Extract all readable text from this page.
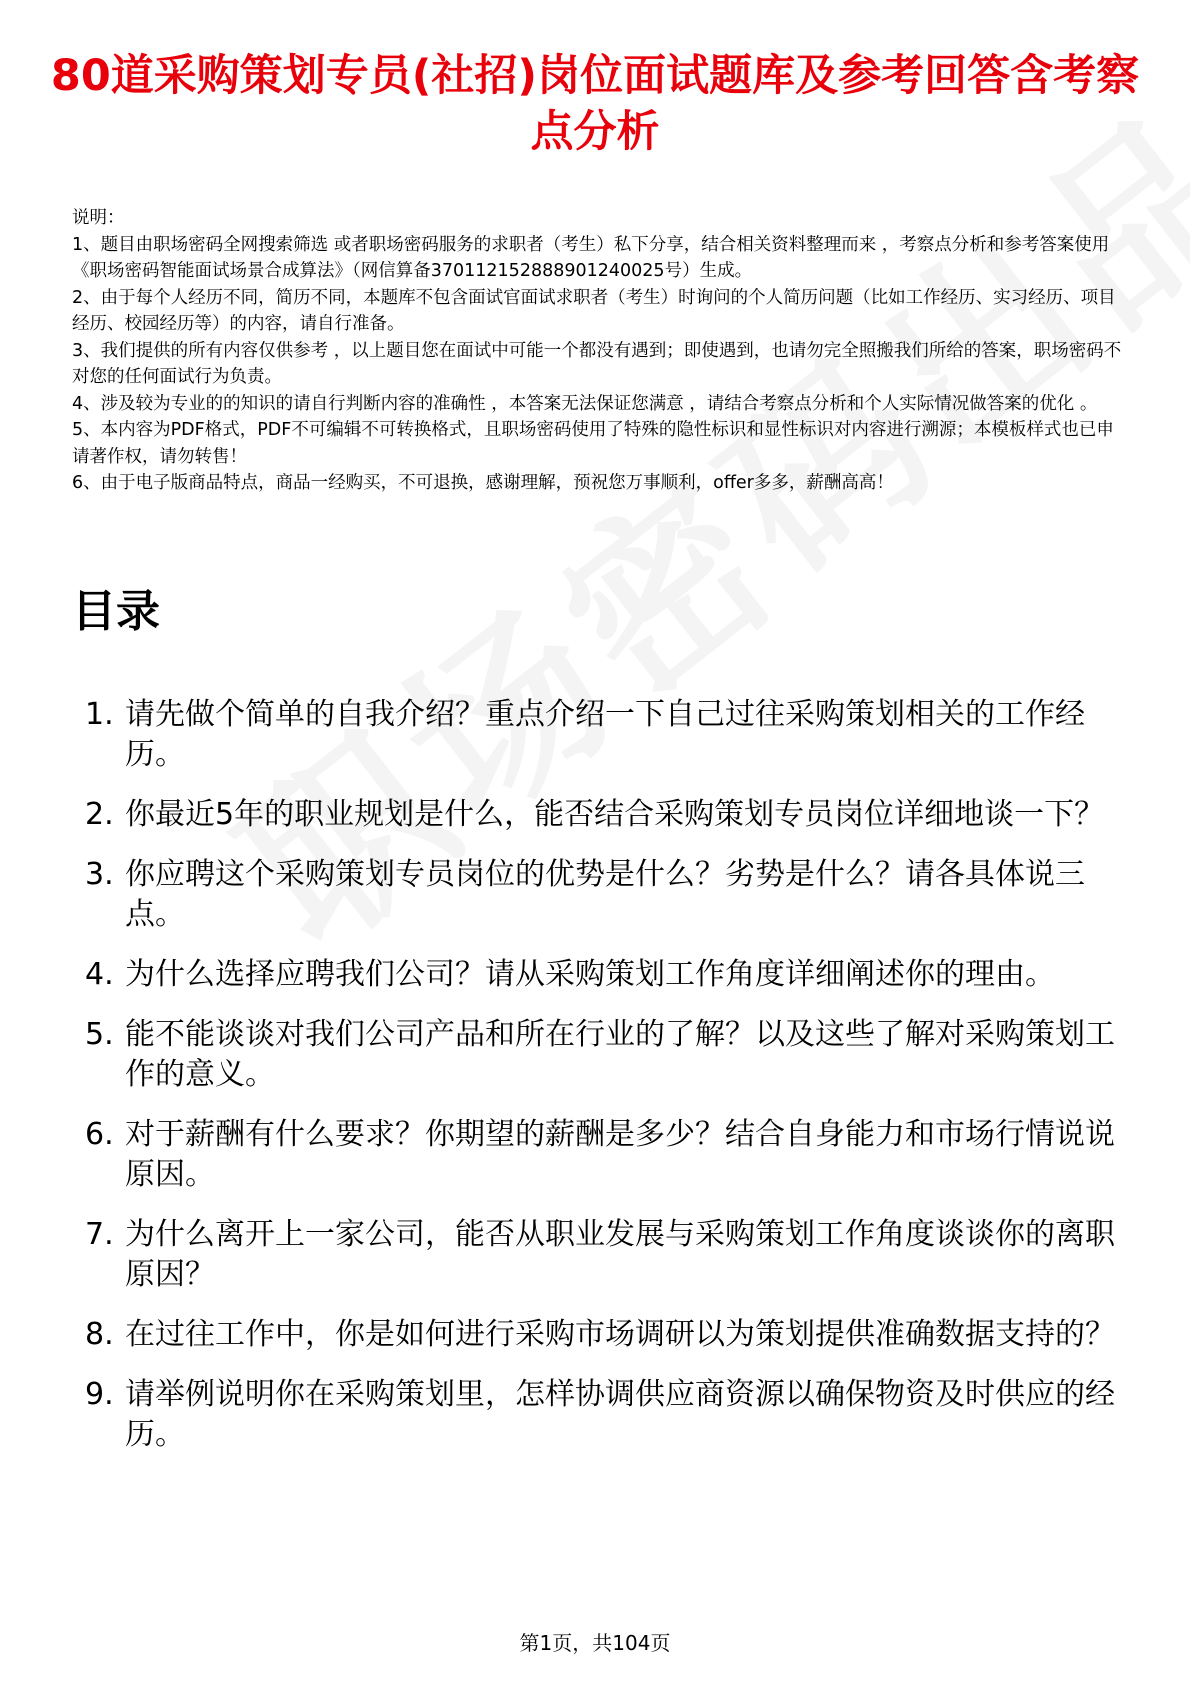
80道采购策划专员(社招)岗位面试题库及参考回答含考察点分析

说明：

1、题目由职场密码全网搜索筛选 或者职场密码服务的求职者（考生）私下分享，结合相关资料整理而来 ，考察点分析和参考答案使用《职场密码智能面试场景合成算法》（网信算备370112152888901240025号）生成。

2、由于每个人经历不同，简历不同，本题库不包含面试官面试求职者（考生）时询问的个人简历问题（比如工作经历、实习经历、项目经历、校园经历等）的内容，请自行准备。

3、我们提供的所有内容仅供参考 ，以上题目您在面试中可能一个都没有遇到；即使遇到，也请勿完全照搬我们所给的答案，职场密码不对您的任何面试行为负责。

4、涉及较为专业的的知识的请自行判断内容的准确性 ，本答案无法保证您满意 ，请结合考察点分析和个人实际情况做答案的优化 。

5、本内容为PDF格式，PDF不可编辑不可转换格式，且职场密码使用了特殊的隐性标识和显性标识对内容进行溯源；本模板样式也已申请著作权，请勿转售！

6、由于电子版商品特点，商品一经购买，不可退换，感谢理解，预祝您万事顺利，offer多多，薪酬高高！

目录
1. 请先做个简单的自我介绍？重点介绍一下自己过往采购策划相关的工作经历。
2. 你最近5年的职业规划是什么，能否结合采购策划专员岗位详细地谈一下？
3. 你应聘这个采购策划专员岗位的优势是什么？劣势是什么？请各具体说三点。
4. 为什么选择应聘我们公司？请从采购策划工作角度详细阐述你的理由。
5. 能不能谈谈对我们公司产品和所在行业的了解？以及这些了解对采购策划工作的意义。
6. 对于薪酬有什么要求？你期望的薪酬是多少？结合自身能力和市场行情说说原因。
7. 为什么离开上一家公司，能否从职业发展与采购策划工作角度谈谈你的离职原因？
8. 在过往工作中，你是如何进行采购市场调研以为策划提供准确数据支持的？
9. 请举例说明你在采购策划里，怎样协调供应商资源以确保物资及时供应的经历。
第1页，共104页
